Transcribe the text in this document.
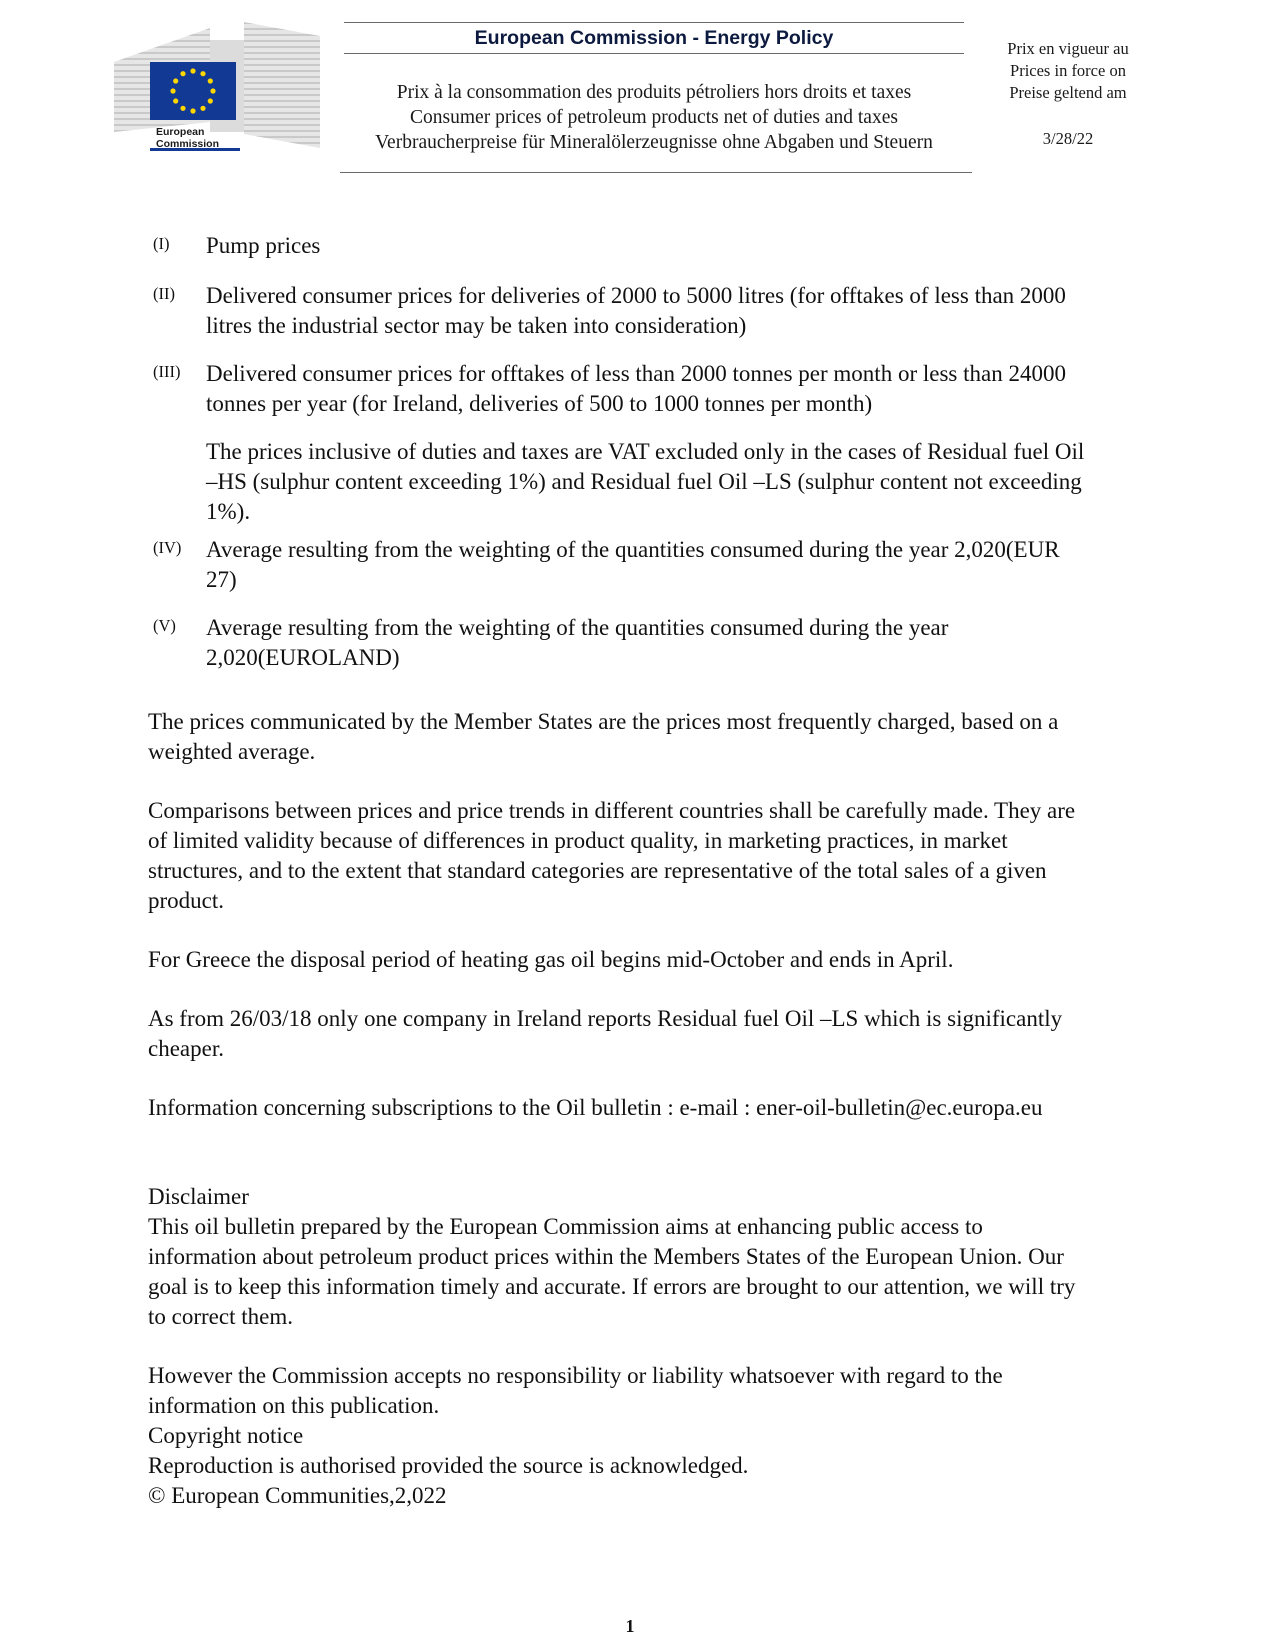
European
Commission
European Commission - Energy Policy
Prix à la consommation des produits pétroliers hors droits et taxes
Consumer prices of petroleum products net of duties and taxes
Verbraucherpreise für Mineralölerzeugnisse ohne Abgaben und Steuern
Prix en vigueur au
Prices in force on
Preise geltend am
3/28/22
(I) Pump prices
(II) Delivered consumer prices for deliveries of 2000 to 5000 litres (for offtakes of less than 2000 litres the industrial sector may be taken into consideration)
(III) Delivered consumer prices for offtakes of less than 2000 tonnes per month or less than 24000 tonnes per year (for Ireland, deliveries of 500 to 1000 tonnes per month)
The prices inclusive of duties and taxes are VAT excluded only in the cases of Residual fuel Oil –HS (sulphur content exceeding 1%) and Residual fuel Oil –LS (sulphur content not exceeding 1%).
(IV) Average resulting from the weighting of the quantities consumed during the year 2,020(EUR 27)
(V) Average resulting from the weighting of the quantities consumed during the year 2,020(EUROLAND)
The prices communicated by the Member States are the prices most frequently charged, based on a weighted average.
Comparisons between prices and price trends in different countries shall be carefully made. They are of limited validity because of differences in product quality, in marketing practices, in market structures, and to the extent that standard categories are representative of the total sales of a given product.
For Greece the disposal period of heating gas oil begins mid-October and ends in April.
As from 26/03/18 only one company in Ireland reports Residual fuel Oil –LS which is significantly cheaper.
Information concerning subscriptions to the Oil bulletin : e-mail : ener-oil-bulletin@ec.europa.eu
Disclaimer
This oil bulletin prepared by the European Commission aims at enhancing public access to information about petroleum product prices within the Members States of the European Union. Our goal is to keep this information timely and accurate. If errors are brought to our attention, we will try to correct them.
However the Commission accepts no responsibility or liability whatsoever with regard to the information on this publication.
Copyright notice
Reproduction is authorised provided the source is acknowledged.
© European Communities,2,022
1
